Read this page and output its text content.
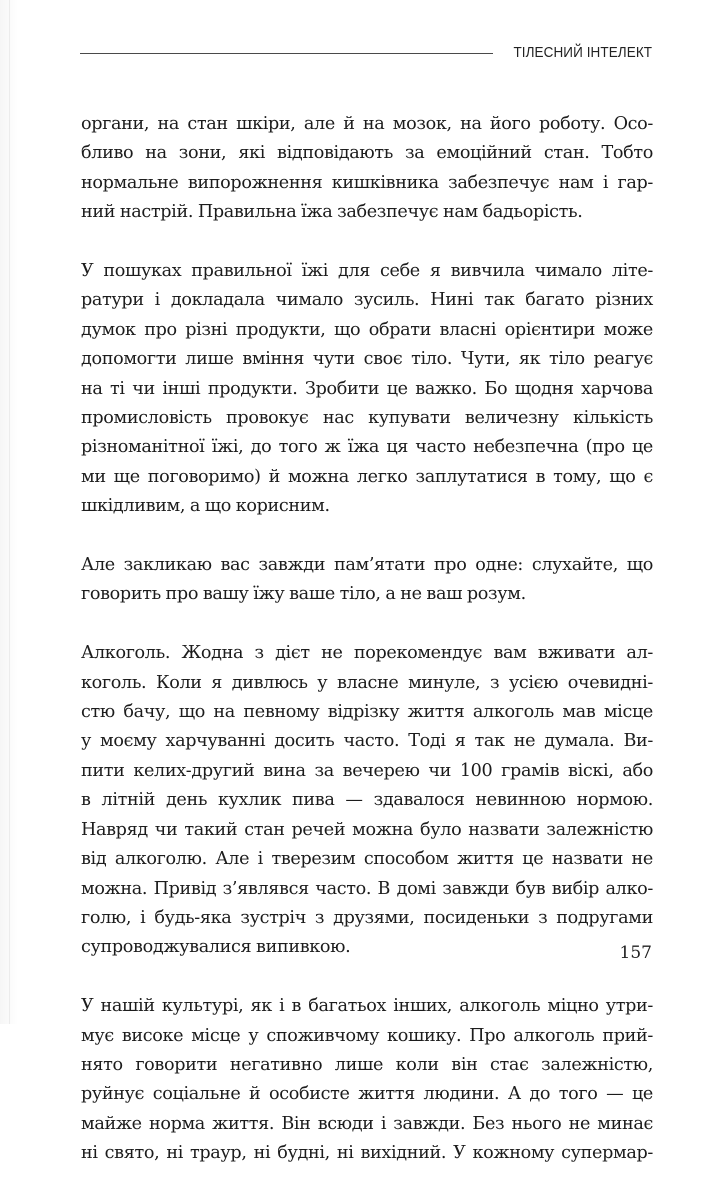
ТІЛЕСНИЙ ІНТЕЛЕКТ

органи, на стан шкіри, але й на мозок, на його роботу. Осо-
бливо на зони, які відповідають за емоційний стан. Тобто
нормальне випорожнення кишківника забезпечує нам і гар-
ний настрій. Правильна їжа забезпечує нам бадьорість.

У пошуках правильної їжі для себе я вивчила чимало літе-
ратури і докладала чимало зусиль. Нині так багато різних
думок про різні продукти, що обрати власні орієнтири може
допомогти лише вміння чути своє тіло. Чути, як тіло реагує
на ті чи інші продукти. Зробити це важко. Бо щодня харчова
промисловість провокує нас купувати величезну кількість
різноманітної їжі, до того ж їжа ця часто небезпечна (про це
ми ще поговоримо) й можна легко заплутатися в тому, що є
шкідливим, а що корисним.

Але закликаю вас завжди пам’ятати про одне: слухайте, що
говорить про вашу їжу ваше тіло, а не ваш розум.

Алкоголь. Жодна з дієт не порекомендує вам вживати ал-
коголь. Коли я дивлюсь у власне минуле, з усією очевидні-
стю бачу, що на певному відрізку життя алкоголь мав місце
у моєму харчуванні досить часто. Тоді я так не думала. Ви-
пити келих-другий вина за вечерею чи 100 грамів віскі, або
в літній день кухлик пива — здавалося невинною нормою.
Навряд чи такий стан речей можна було назвати залежністю
від алкоголю. Але і тверезим способом життя це назвати не
можна. Привід з’являвся часто. В домі завжди був вибір алко-
голю, і будь-яка зустріч з друзями, посиденьки з подругами
супроводжувалися випивкою.

У нашій культурі, як і в багатьох інших, алкоголь міцно утри-
мує високе місце у споживчому кошику. Про алкоголь прий-
нято говорити негативно лише коли він стає залежністю,
руйнує соціальне й особисте життя людини. А до того — це
майже норма життя. Він всюди і завжди. Без нього не минає
ні свято, ні траур, ні будні, ні вихідний. У кожному супермар-

157
